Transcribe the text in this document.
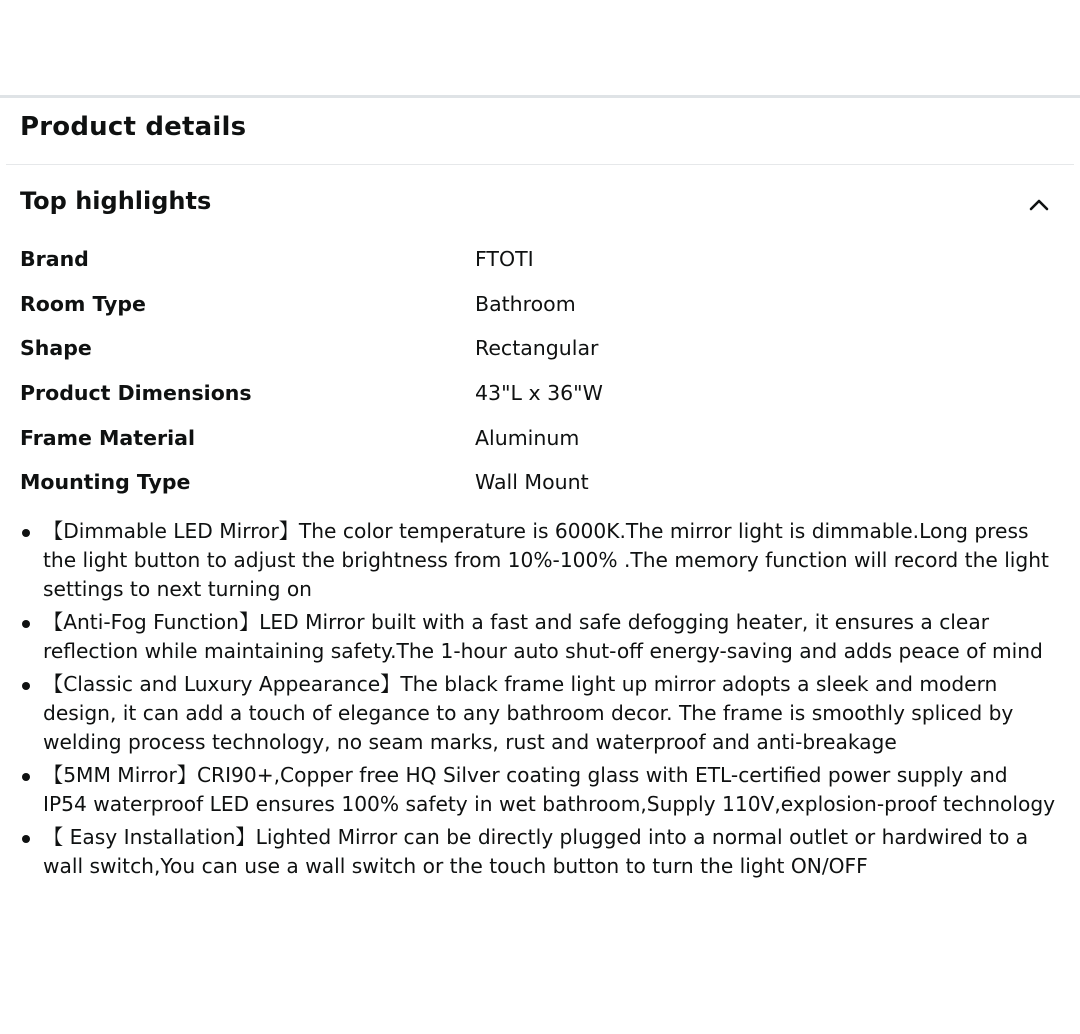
Product details
Top highlights
Brand	FTOTI
Room Type	Bathroom
Shape	Rectangular
Product Dimensions	43"L x 36"W
Frame Material	Aluminum
Mounting Type	Wall Mount
【Dimmable LED Mirror】The color temperature is 6000K.The mirror light is dimmable.Long press the light button to adjust the brightness from 10%-100% .The memory function will record the light settings to next turning on
【Anti-Fog Function】LED Mirror built with a fast and safe defogging heater, it ensures a clear reflection while maintaining safety.The 1-hour auto shut-off energy-saving and adds peace of mind
【Classic and Luxury Appearance】The black frame light up mirror adopts a sleek and modern design, it can add a touch of elegance to any bathroom decor. The frame is smoothly spliced by welding process technology, no seam marks, rust and waterproof and anti-breakage
【5MM Mirror】CRI90+,Copper free HQ Silver coating glass with ETL-certified power supply and IP54 waterproof LED ensures 100% safety in wet bathroom,Supply 110V,explosion-proof technology
【 Easy Installation】Lighted Mirror can be directly plugged into a normal outlet or hardwired to a wall switch,You can use a wall switch or the touch button to turn the light ON/OFF
